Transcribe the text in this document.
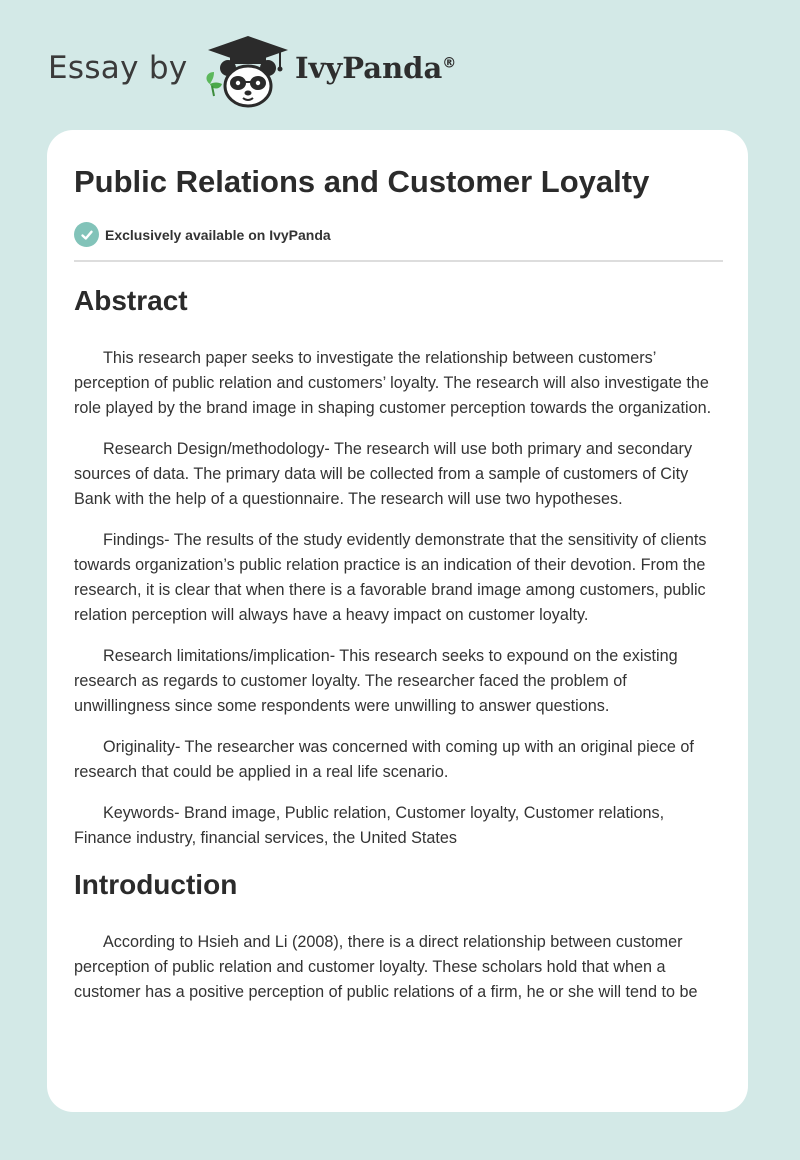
Essay by	IvyPanda®
Public Relations and Customer Loyalty
Exclusively available on IvyPanda
Abstract

This research paper seeks to investigate the relationship between customers’ perception of public relation and customers’ loyalty. The research will also investigate the role played by the brand image in shaping customer perception towards the organization.

Research Design/methodology- The research will use both primary and secondary sources of data. The primary data will be collected from a sample of customers of City Bank with the help of a questionnaire. The research will use two hypotheses.

Findings- The results of the study evidently demonstrate that the sensitivity of clients towards organization’s public relation practice is an indication of their devotion. From the research, it is clear that when there is a favorable brand image among customers, public relation perception will always have a heavy impact on customer loyalty.

Research limitations/implication- This research seeks to expound on the existing research as regards to customer loyalty. The researcher faced the problem of unwillingness since some respondents were unwilling to answer questions.

Originality- The researcher was concerned with coming up with an original piece of research that could be applied in a real life scenario.

Keywords- Brand image, Public relation, Customer loyalty, Customer relations, Finance industry, financial services, the United States

Introduction

According to Hsieh and Li (2008), there is a direct relationship between customer perception of public relation and customer loyalty. These scholars hold that when a customer has a positive perception of public relations of a firm, he or she will tend to be
